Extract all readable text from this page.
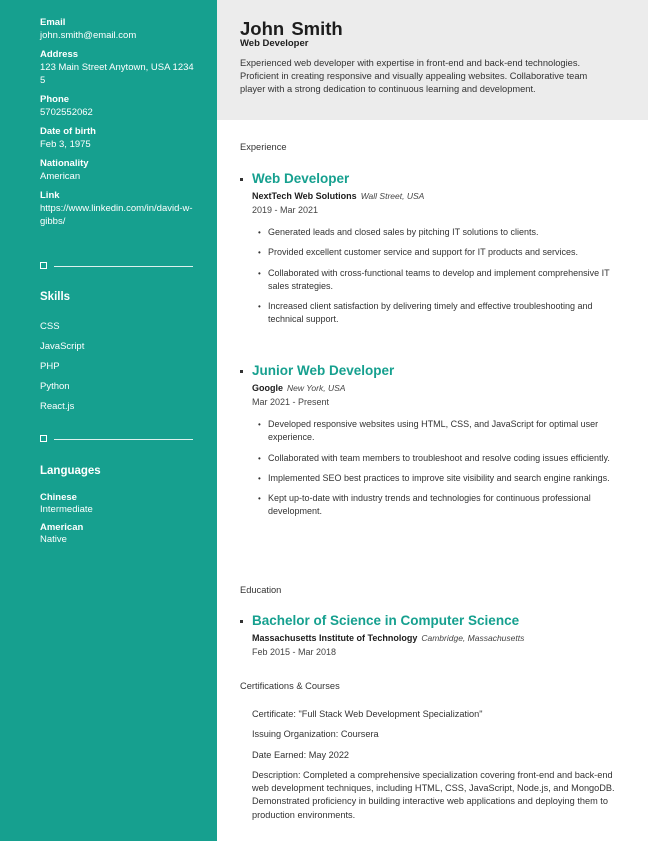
Email
john.smith@email.com
Address
123 Main Street Anytown, USA 1234 5
Phone
5702552062
Date of birth
Feb 3, 1975
Nationality
American
Link
https://www.linkedin.com/in/david-w-gibbs/
Skills
CSS
JavaScript
PHP
Python
React.js
Languages
Chinese
Intermediate
American
Native
John Smith
Web Developer
Experienced web developer with expertise in front-end and back-end technologies. Proficient in creating responsive and visually appealing websites. Collaborative team player with a strong dedication to continuous learning and development.
Experience
Web Developer
NextTech Web Solutions Wall Street, USA
2019 - Mar 2021
• Generated leads and closed sales by pitching IT solutions to clients.
• Provided excellent customer service and support for IT products and services.
• Collaborated with cross-functional teams to develop and implement comprehensive IT sales strategies.
• Increased client satisfaction by delivering timely and effective troubleshooting and technical support.
Junior Web Developer
Google New York, USA
Mar 2021 - Present
• Developed responsive websites using HTML, CSS, and JavaScript for optimal user experience.
• Collaborated with team members to troubleshoot and resolve coding issues efficiently.
• Implemented SEO best practices to improve site visibility and search engine rankings.
• Kept up-to-date with industry trends and technologies for continuous professional development.
Education
Bachelor of Science in Computer Science
Massachusetts Institute of Technology Cambridge, Massachusetts
Feb 2015 - Mar 2018
Certifications & Courses
Certificate: "Full Stack Web Development Specialization"
Issuing Organization: Coursera
Date Earned: May 2022
Description: Completed a comprehensive specialization covering front-end and back-end web development techniques, including HTML, CSS, JavaScript, Node.js, and MongoDB. Demonstrated proficiency in building interactive web applications and deploying them to production environments.
